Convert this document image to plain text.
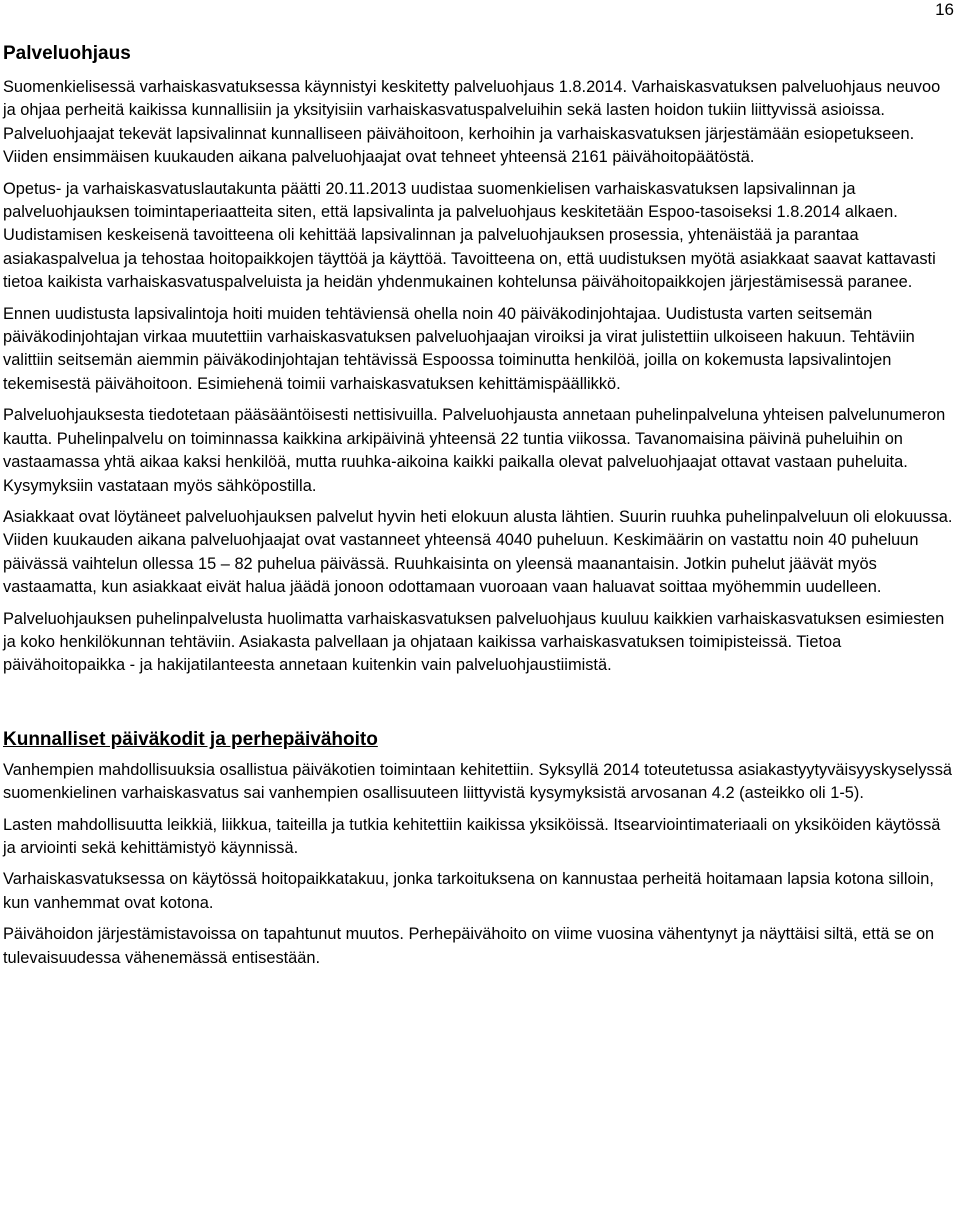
16
Palveluohjaus

Suomenkielisessä varhaiskasvatuksessa käynnistyi keskitetty palveluohjaus 1.8.2014. Varhaiskasvatuksen palveluohjaus neuvoo ja ohjaa perheitä kaikissa kunnallisiin ja yksityisiin varhaiskasvatuspalveluihin sekä lasten hoidon tukiin liittyvissä asioissa. Palveluohjaajat tekevät lapsivalinnat kunnalliseen päivähoitoon, kerhoihin ja varhaiskasvatuksen järjestämään esiopetukseen. Viiden ensimmäisen kuukauden aikana palveluohjaajat ovat tehneet yhteensä 2161 päivähoitopäätöstä.

Opetus- ja varhaiskasvatuslautakunta päätti 20.11.2013 uudistaa suomenkielisen varhaiskasvatuksen lapsivalinnan ja palveluohjauksen toimintaperiaatteita siten, että lapsivalinta ja palveluohjaus keskitetään Espoo-tasoiseksi 1.8.2014 alkaen. Uudistamisen keskeisenä tavoitteena oli kehittää lapsivalinnan ja palveluohjauksen prosessia, yhtenäistää ja parantaa asiakaspalvelua ja tehostaa hoitopaikkojen täyttöä ja käyttöä. Tavoitteena on, että uudistuksen myötä asiakkaat saavat kattavasti tietoa kaikista varhaiskasvatuspalveluista ja heidän yhdenmukainen kohtelunsa päivähoitopaikkojen järjestämisessä paranee.

Ennen uudistusta lapsivalintoja hoiti muiden tehtäviensä ohella noin 40 päiväkodinjohtajaa. Uudistusta varten seitsemän päiväkodinjohtajan virkaa muutettiin varhaiskasvatuksen palveluohjaajan viroiksi ja virat julistettiin ulkoiseen hakuun. Tehtäviin valittiin seitsemän aiemmin päiväkodinjohtajan tehtävissä Espoossa toiminutta henkilöä, joilla on kokemusta lapsivalintojen tekemisestä päivähoitoon. Esimiehenä toimii varhaiskasvatuksen kehittämispäällikkö.

Palveluohjauksesta tiedotetaan pääsääntöisesti nettisivuilla. Palveluohjausta annetaan puhelinpalveluna yhteisen palvelunumeron kautta. Puhelinpalvelu on toiminnassa kaikkina arkipäivinä yhteensä 22 tuntia viikossa. Tavanomaisina päivinä puheluihin on vastaamassa yhtä aikaa kaksi henkilöä, mutta ruuhka-aikoina kaikki paikalla olevat palveluohjaajat ottavat vastaan puheluita. Kysymyksiin vastataan myös sähköpostilla.

Asiakkaat ovat löytäneet palveluohjauksen palvelut hyvin heti elokuun alusta lähtien. Suurin ruuhka puhelinpalveluun oli elokuussa. Viiden kuukauden aikana palveluohjaajat ovat vastanneet yhteensä 4040 puheluun. Keskimäärin on vastattu noin 40 puheluun päivässä vaihtelun ollessa 15 – 82 puhelua päivässä. Ruuhkaisinta on yleensä maanantaisin. Jotkin puhelut jäävät myös vastaamatta, kun asiakkaat eivät halua jäädä jonoon odottamaan vuoroaan vaan haluavat soittaa myöhemmin uudelleen.

Palveluohjauksen puhelinpalvelusta huolimatta varhaiskasvatuksen palveluohjaus kuuluu kaikkien varhaiskasvatuksen esimiesten ja koko henkilökunnan tehtäviin. Asiakasta palvellaan ja ohjataan kaikissa varhaiskasvatuksen toimipisteissä. Tietoa päivähoitopaikka - ja hakijatilanteesta annetaan kuitenkin vain palveluohjaustiimistä.

Kunnalliset päiväkodit ja perhepäivähoito

Vanhempien mahdollisuuksia osallistua päiväkotien toimintaan kehitettiin. Syksyllä 2014 toteutetussa asiakastyytyväisyyskyselyssä suomenkielinen varhaiskasvatus sai vanhempien osallisuuteen liittyvistä kysymyksistä arvosanan 4.2 (asteikko oli 1-5).

Lasten mahdollisuutta leikkiä, liikkua, taiteilla ja tutkia kehitettiin kaikissa yksiköissä. Itsearviointimateriaali on yksiköiden käytössä ja arviointi sekä kehittämistyö käynnissä.

Varhaiskasvatuksessa on käytössä hoitopaikkatakuu, jonka tarkoituksena on kannustaa perheitä hoitamaan lapsia kotona silloin, kun vanhemmat ovat kotona.

Päivähoidon järjestämistavoissa on tapahtunut muutos. Perhepäivähoito on viime vuosina vähentynyt ja näyttäisi siltä, että se on tulevaisuudessa vähenemässä entisestään.
